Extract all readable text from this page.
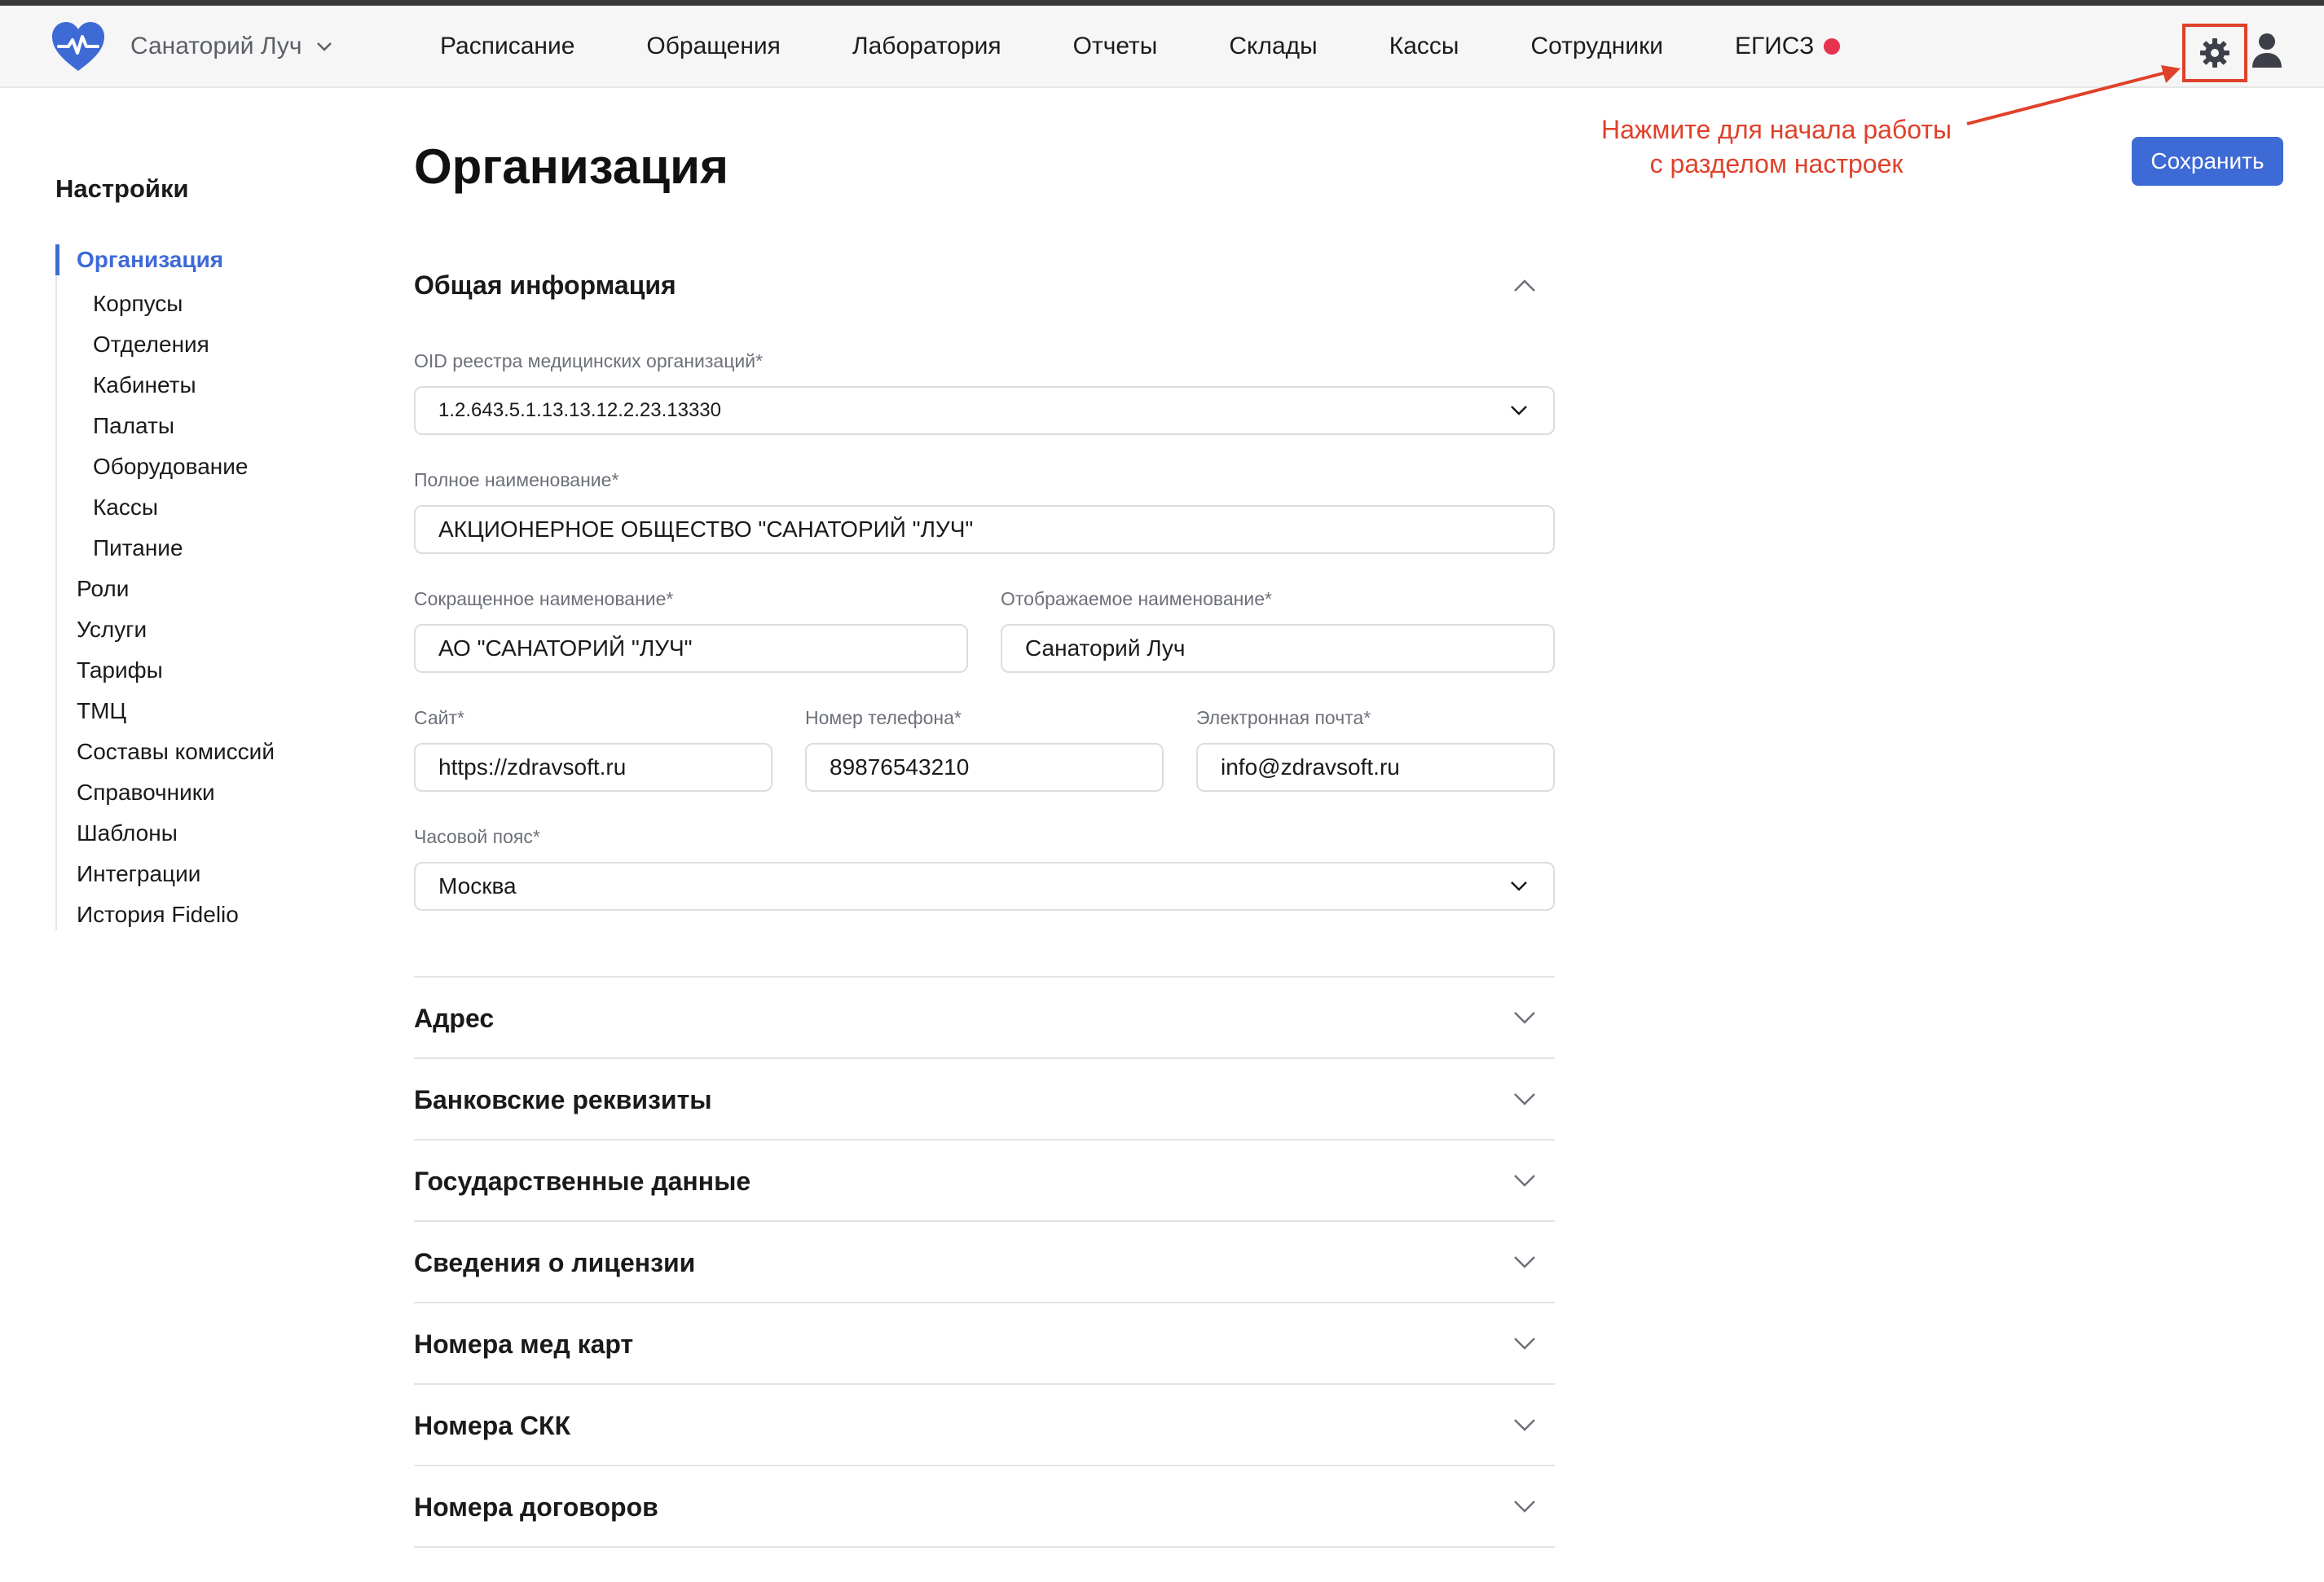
Санаторий Луч	Расписание	Обращения	Лаборатория	Отчеты	Склады	Кассы	Сотрудники	ЕГИСЗ
Нажмите для начала работы
с разделом настроек	Сохранить
Настройки
Организация
Корпусы
Отделения
Кабинеты
Палаты
Оборудование
Кассы
Питание
Роли
Услуги
Тарифы
ТМЦ
Составы комиссий
Справочники
Шаблоны
Интеграции
История Fidelio
Организация
Общая информация
OID реестра медицинских организаций*
1.2.643.5.1.13.13.12.2.23.13330
Полное наименование*
АКЦИОНЕРНОЕ ОБЩЕСТВО "САНАТОРИЙ "ЛУЧ"
Сокращенное наименование*
АО "САНАТОРИЙ "ЛУЧ"	Отображаемое наименование*
Санаторий Луч
Сайт*
https://zdravsoft.ru	Номер телефона*
89876543210	Электронная почта*
info@zdravsoft.ru
Часовой пояс*
Москва
Адрес
Банковские реквизиты
Государственные данные
Сведения о лицензии
Номера мед карт
Номера СКК
Номера договоров
